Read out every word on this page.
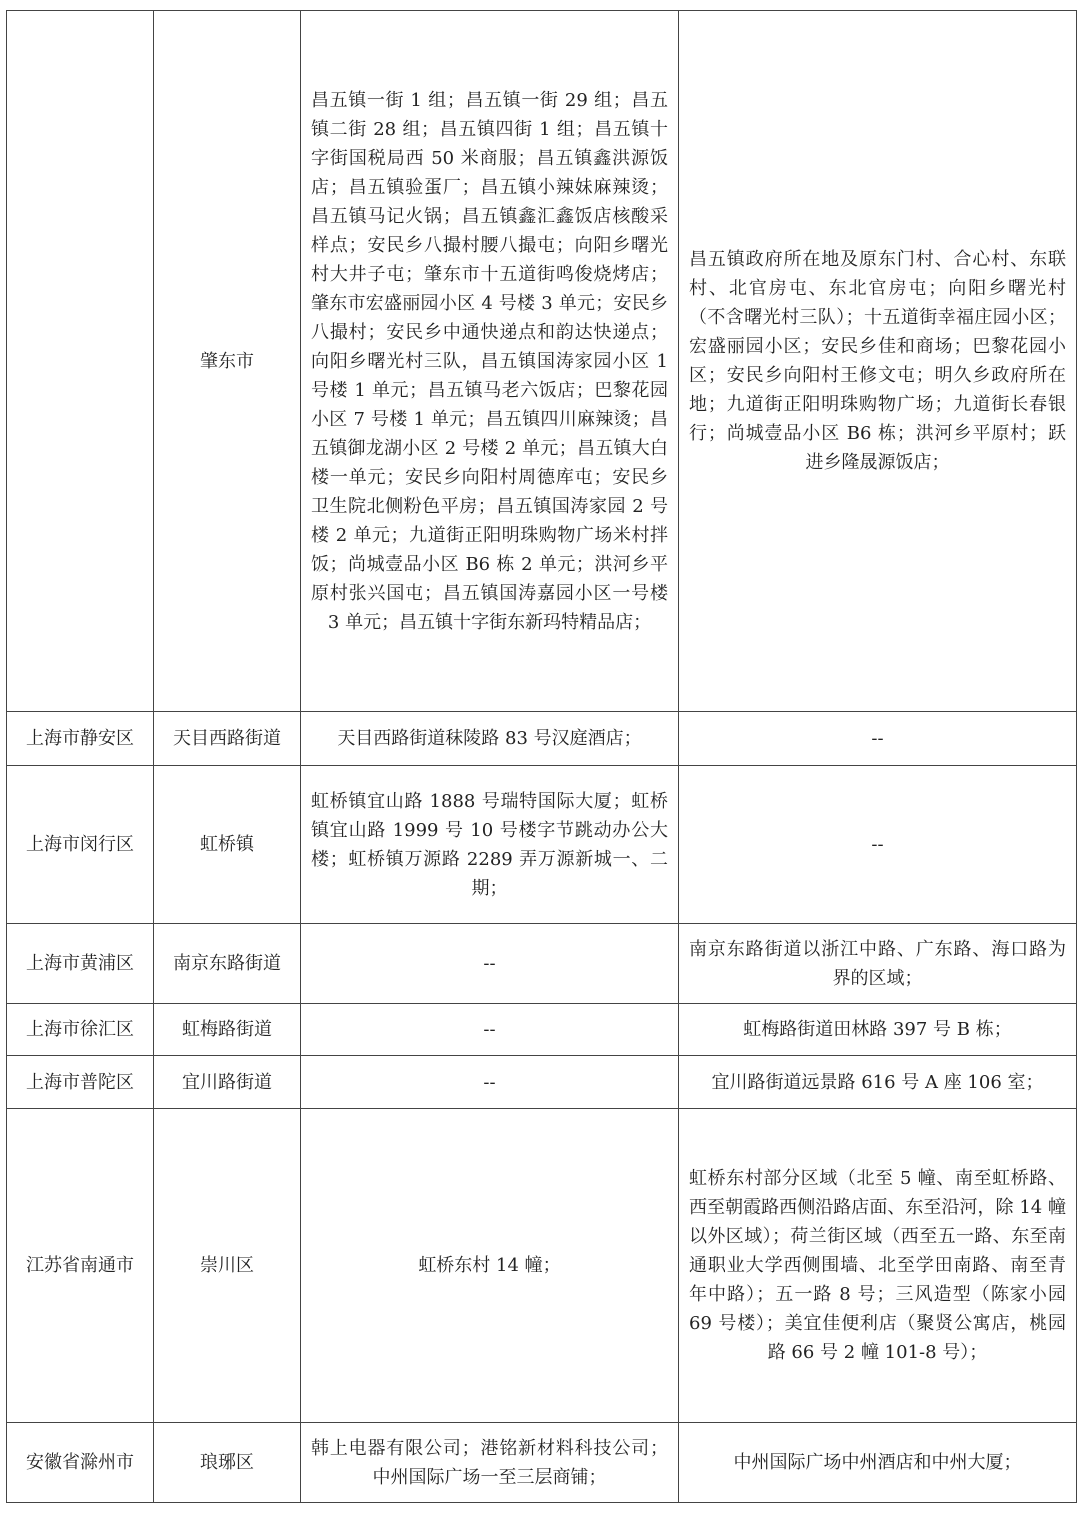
	肇东市	昌五镇一街 1 组；昌五镇一街 29 组；昌五镇二街 28 组；昌五镇四街 1 组；昌五镇十字街国税局西 50 米商服；昌五镇鑫洪源饭店；昌五镇验蛋厂；昌五镇小辣妹麻辣烫；昌五镇马记火锅；昌五镇鑫汇鑫饭店核酸采样点；安民乡八撮村腰八撮屯；向阳乡曙光村大井子屯；肇东市十五道街鸣俊烧烤店；肇东市宏盛丽园小区 4 号楼 3 单元；安民乡八撮村；安民乡中通快递点和韵达快递点；向阳乡曙光村三队，昌五镇国涛家园小区 1 号楼 1 单元；昌五镇马老六饭店；巴黎花园小区 7 号楼 1 单元；昌五镇四川麻辣烫；昌五镇御龙湖小区 2 号楼 2 单元；昌五镇大白楼一单元；安民乡向阳村周德库屯；安民乡卫生院北侧粉色平房；昌五镇国涛家园 2 号楼 2 单元；九道街正阳明珠购物广场米村拌饭；尚城壹品小区 B6 栋 2 单元；洪河乡平原村张兴国屯；昌五镇国涛嘉园小区一号楼 3 单元；昌五镇十字街东新玛特精品店；	昌五镇政府所在地及原东门村、合心村、东联村、北官房屯、东北官房屯；向阳乡曙光村（不含曙光村三队）；十五道街幸福庄园小区；宏盛丽园小区；安民乡佳和商场；巴黎花园小区；安民乡向阳村王修文屯；明久乡政府所在地；九道街正阳明珠购物广场；九道街长春银行；尚城壹品小区 B6 栋；洪河乡平原村；跃进乡隆晟源饭店；
上海市静安区	天目西路街道	天目西路街道秣陵路 83 号汉庭酒店；	--
上海市闵行区	虹桥镇	虹桥镇宜山路 1888 号瑞特国际大厦；虹桥镇宜山路 1999 号 10 号楼字节跳动办公大楼；虹桥镇万源路 2289 弄万源新城一、二期；	--
上海市黄浦区	南京东路街道	--	南京东路街道以浙江中路、广东路、海口路为界的区域；
上海市徐汇区	虹梅路街道	--	虹梅路街道田林路 397 号 B 栋；
上海市普陀区	宜川路街道	--	宜川路街道远景路 616 号 A 座 106 室；
江苏省南通市	崇川区	虹桥东村 14 幢；	虹桥东村部分区域（北至 5 幢、南至虹桥路、西至朝霞路西侧沿路店面、东至沿河，除 14 幢以外区域）；荷兰街区域（西至五一路、东至南通职业大学西侧围墙、北至学田南路、南至青年中路）；五一路 8 号；三风造型（陈家小园 69 号楼）；美宜佳便利店（聚贤公寓店，桃园路 66 号 2 幢 101-8 号）；
安徽省滁州市	琅琊区	韩上电器有限公司；港铭新材料科技公司；中州国际广场一至三层商铺；	中州国际广场中州酒店和中州大厦；
